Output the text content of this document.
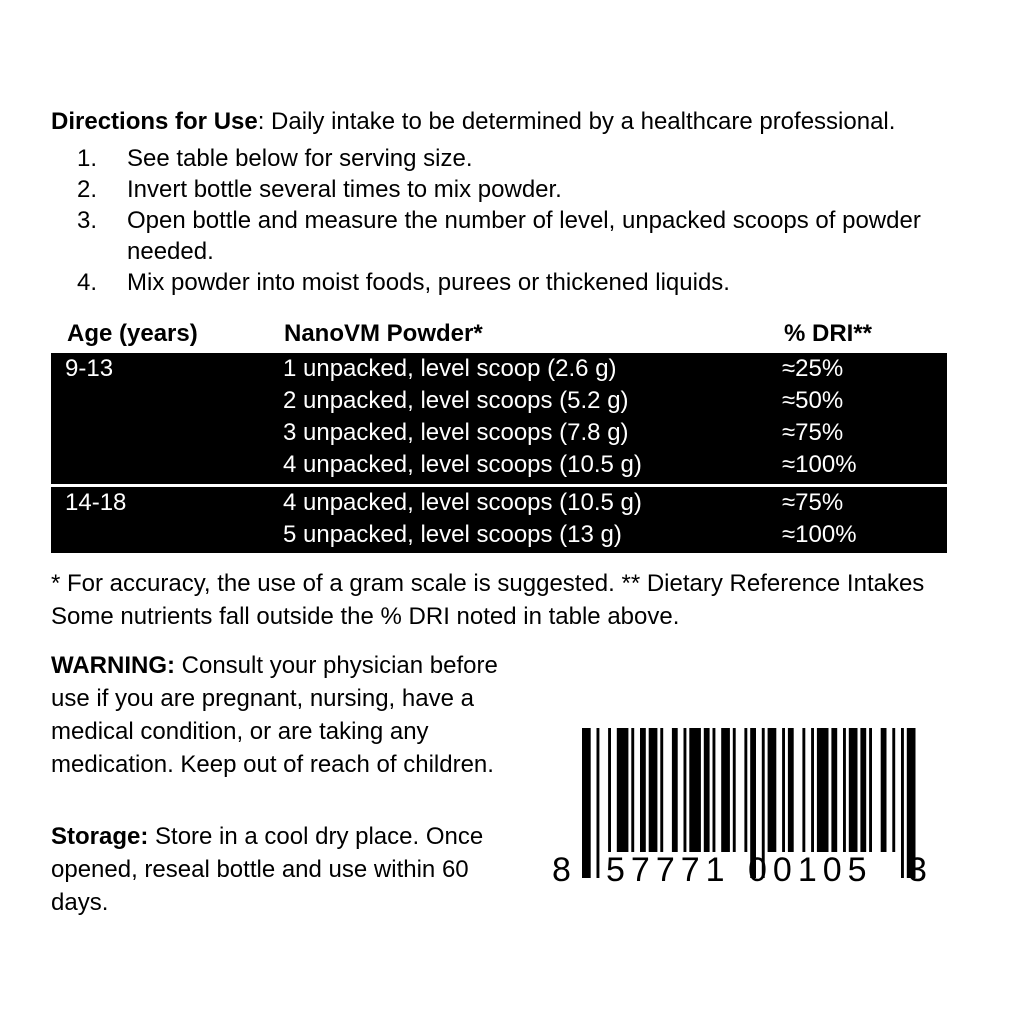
Directions for Use: Daily intake to be determined by a healthcare professional.
1.	See table below for serving size.
2.	Invert bottle several times to mix powder.
3.	Open bottle and measure the number of level, unpacked scoops of powder needed.
4.	Mix powder into moist foods, purees or thickened liquids.
Age (years)	NanoVM Powder*	% DRI**
9-13	1 unpacked, level scoop (2.6 g)	≈25%
2 unpacked, level scoops (5.2 g)	≈50%
3 unpacked, level scoops (7.8 g)	≈75%
4 unpacked, level scoops (10.5 g)	≈100%
14-18	4 unpacked, level scoops (10.5 g)	≈75%
5 unpacked, level scoops (13 g)	≈100%
* For accuracy, the use of a gram scale is suggested. ** Dietary Reference Intakes Some nutrients fall outside the % DRI noted in table above.
WARNING: Consult your physician before use if you are pregnant, nursing, have a medical condition, or are taking any medication. Keep out of reach of children.
Storage: Store in a cool dry place. Once opened, reseal bottle and use within 60 days.
8 57771 00105 3
